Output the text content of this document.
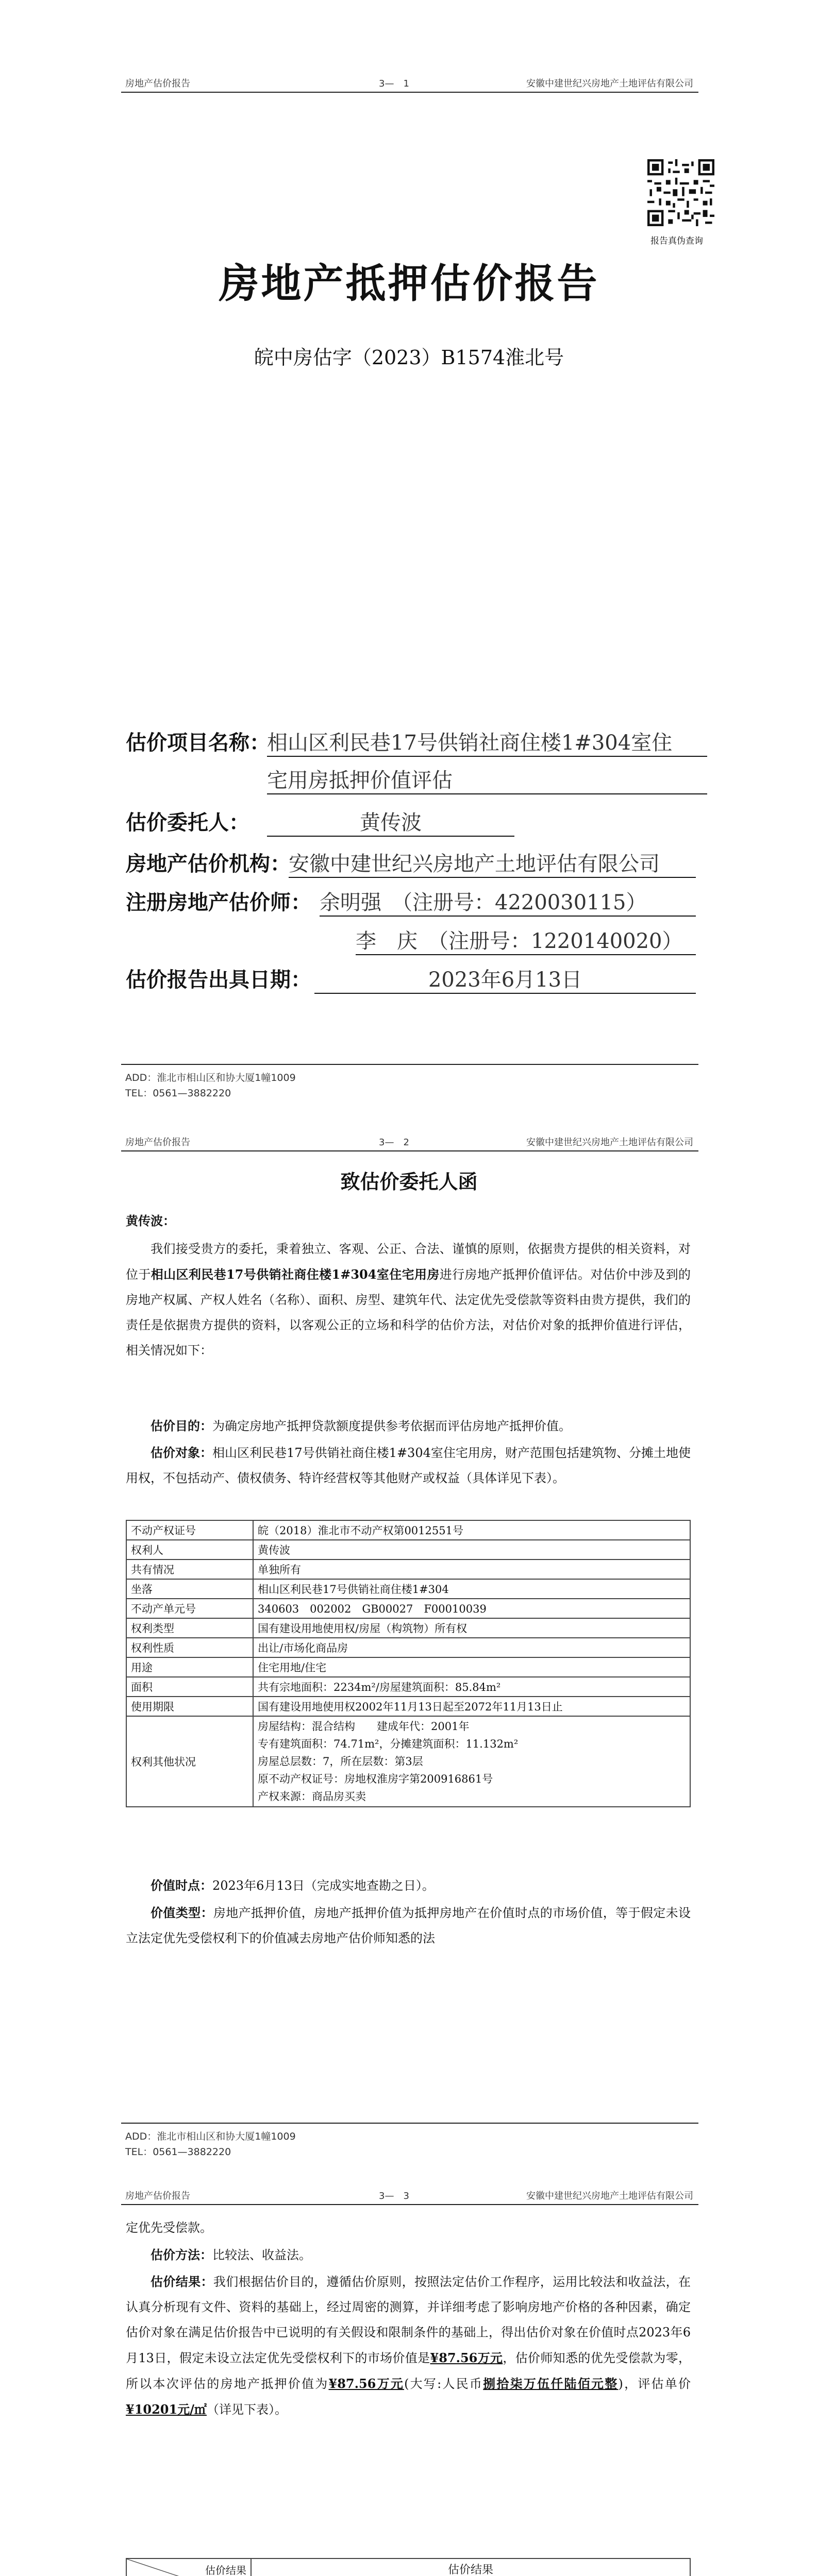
房地产估价报告	3—　1	安徽中建世纪兴房地产土地评估有限公司
报告真伪查询
房地产抵押估价报告
皖中房估字（2023）B1574淮北号
估价项目名称：
相山区利民巷17号供销社商住楼1#304室住
宅用房抵押价值评估
估价委托人：	黄传波
房地产估价机构：
安徽中建世纪兴房地产土地评估有限公司
注册房地产估价师： 余明强　（注册号：4220030115）
李　庆　（注册号：1220140020）
估价报告出具日期：	2023年6月13日
ADD：淮北市相山区和协大厦1幢1009
TEL：0561—3882220
房地产估价报告	3—　2	安徽中建世纪兴房地产土地评估有限公司
致估价委托人函
黄传波：
我们接受贵方的委托，秉着独立、客观、公正、合法、谨慎的原则，依据贵方提供的相关资料，对位于相山区利民巷17号供销社商住楼1#304室住宅用房进行房地产抵押价值评估。对估价中涉及到的房地产权属、产权人姓名（名称）、面积、房型、建筑年代、法定优先受偿款等资料由贵方提供，我们的责任是依据贵方提供的资料，以客观公正的立场和科学的估价方法，对估价对象的抵押价值进行评估，相关情况如下：
估价目的：为确定房地产抵押贷款额度提供参考依据而评估房地产抵押价值。
估价对象：相山区利民巷17号供销社商住楼1#304室住宅用房，财产范围包括建筑物、分摊土地使用权，不包括动产、债权债务、特许经营权等其他财产或权益（具体详见下表）。
不动产权证号	皖（2018）淮北市不动产权第0012551号
权利人	黄传波
共有情况	单独所有
坐落	相山区利民巷17号供销社商住楼1#304
不动产单元号	340603　002002　GB00027　F00010039
权利类型	国有建设用地使用权/房屋（构筑物）所有权
权利性质	出让/市场化商品房
用途	住宅用地/住宅
面积	共有宗地面积：2234m²/房屋建筑面积：85.84m²
使用期限	国有建设用地使用权2002年11月13日起至2072年11月13日止
权利其他状况	房屋结构：混合结构　　建成年代：2001年
专有建筑面积：74.71m²，分摊建筑面积：11.132m²
房屋总层数：7，所在层数：第3层
原不动产权证号：房地权淮房字第200916861号
产权来源：商品房买卖
价值时点：2023年6月13日（完成实地查勘之日）。
价值类型：房地产抵押价值，房地产抵押价值为抵押房地产在价值时点的市场价值，等于假定未设立法定优先受偿权利下的价值减去房地产估价师知悉的法
ADD：淮北市相山区和协大厦1幢1009
TEL：0561—3882220
房地产估价报告	3—　3	安徽中建世纪兴房地产土地评估有限公司
定优先受偿款。
估价方法：比较法、收益法。
估价结果：我们根据估价目的，遵循估价原则，按照法定估价工作程序，运用比较法和收益法，在认真分析现有文件、资料的基础上，经过周密的测算，并详细考虑了影响房地产价格的各种因素，确定估价对象在满足估价报告中已说明的有关假设和限制条件的基础上，得出估价对象在价值时点2023年6月13日，假定未设立法定优先受偿权利下的市场价值是¥87.56万元，估价师知悉的优先受偿款为零，所以本次评估的房地产抵押价值为¥87.56万元(大写:人民币捌拾柒万伍仟陆佰元整)，评估单价¥10201元/㎡（详见下表）。
估价结果	估价结果		
